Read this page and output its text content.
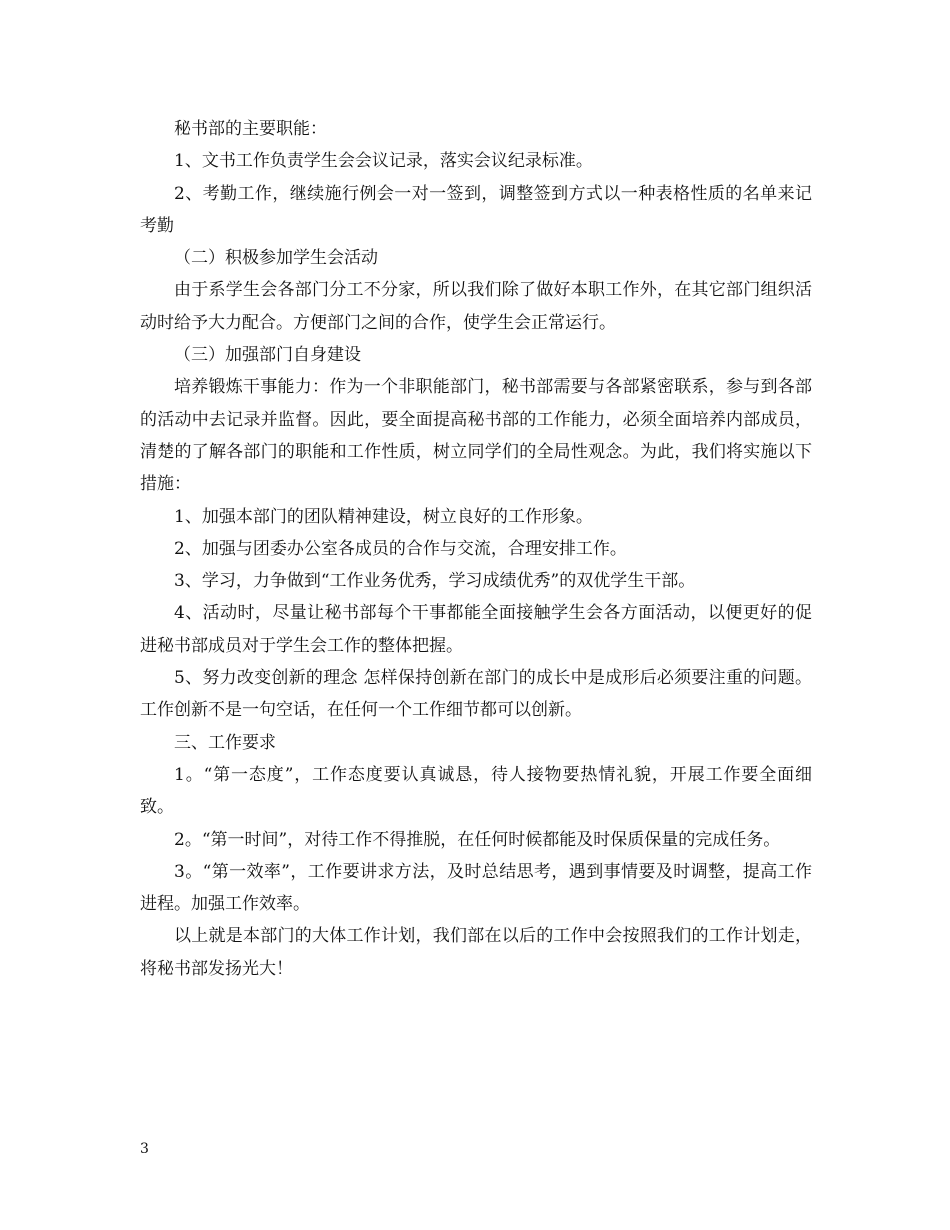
秘书部的主要职能：

1、文书工作负责学生会会议记录，落实会议纪录标准。

2、考勤工作，继续施行例会一对一签到，调整签到方式以一种表格性质的名单来记考勤

（二）积极参加学生会活动

由于系学生会各部门分工不分家，所以我们除了做好本职工作外，在其它部门组织活动时给予大力配合。方便部门之间的合作，使学生会正常运行。

（三）加强部门自身建设

培养锻炼干事能力：作为一个非职能部门，秘书部需要与各部紧密联系，参与到各部的活动中去记录并监督。因此，要全面提高秘书部的工作能力，必须全面培养内部成员，清楚的了解各部门的职能和工作性质，树立同学们的全局性观念。为此，我们将实施以下措施：

1、加强本部门的团队精神建设，树立良好的工作形象。

2、加强与团委办公室各成员的合作与交流，合理安排工作。

3、学习，力争做到“工作业务优秀，学习成绩优秀”的双优学生干部。

4、活动时，尽量让秘书部每个干事都能全面接触学生会各方面活动，以便更好的促进秘书部成员对于学生会工作的整体把握。

5、努力改变创新的理念 怎样保持创新在部门的成长中是成形后必须要注重的问题。工作创新不是一句空话，在任何一个工作细节都可以创新。

三、工作要求

1。“第一态度”，工作态度要认真诚恳，待人接物要热情礼貌，开展工作要全面细致。

2。“第一时间”，对待工作不得推脱，在任何时候都能及时保质保量的完成任务。

3。“第一效率”，工作要讲求方法，及时总结思考，遇到事情要及时调整，提高工作进程。加强工作效率。

以上就是本部门的大体工作计划，我们部在以后的工作中会按照我们的工作计划走，将秘书部发扬光大！

3
